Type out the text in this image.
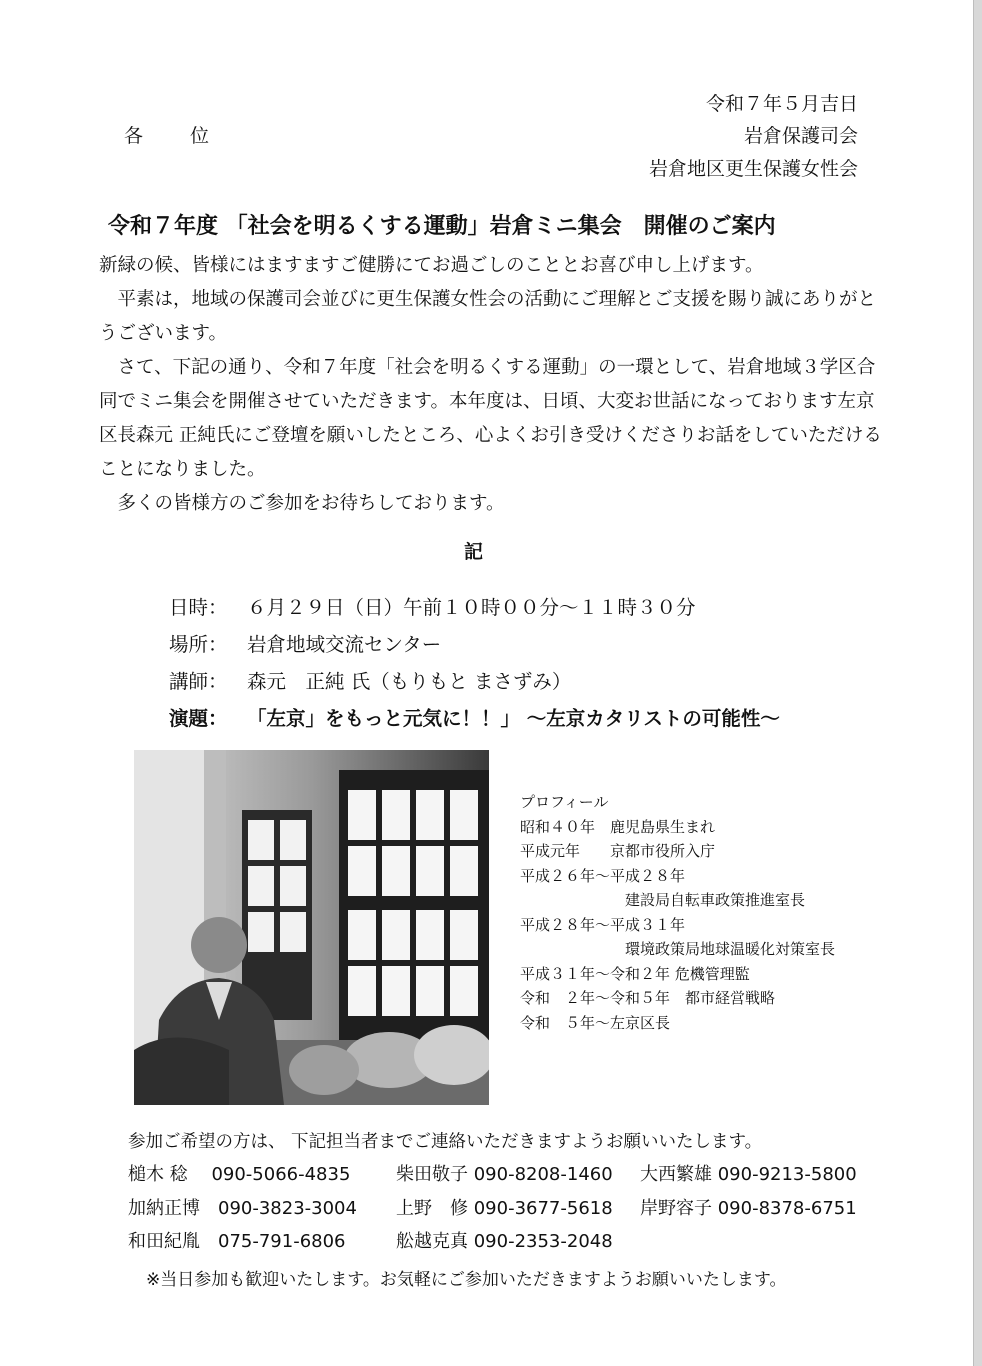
令和７年５月吉日
各　位	岩倉保護司会
岩倉地区更生保護女性会
令和７年度 「社会を明るくする運動」岩倉ミニ集会　開催のご案内

新緑の候、皆様にはますますご健勝にてお過ごしのこととお喜び申し上げます。

平素は，地域の保護司会並びに更生保護女性会の活動にご理解とご支援を賜り誠にありがとうございます。

さて、下記の通り、令和７年度「社会を明るくする運動」の一環として、岩倉地域３学区合同でミニ集会を開催させていただきます。本年度は、日頃、大変お世話になっております左京区長森元 正純氏にご登壇を願いしたところ、心よくお引き受けくださりお話をしていただけることになりました。

多くの皆様方のご参加をお待ちしております。

記
日時： ６月２９日（日）午前１０時００分～１１時３０分
場所： 岩倉地域交流センター
講師： 森元　正純 氏（もりもと まさずみ）
演題： 「左京」をもっと元気に！！」 ～左京カタリストの可能性～
プロフィール
昭和４０年　鹿児島県生まれ
平成元年　　京都市役所入庁
平成２６年～平成２８年
建設局自転車政策推進室長
平成２８年～平成３１年
環境政策局地球温暖化対策室長
平成３１年～令和２年 危機管理監
令和　２年～令和５年　都市経営戦略
令和　５年～左京区長
参加ご希望の方は、 下記担当者までご連絡いただきますようお願いいたします。
槌木 稔　 090-5066-4835	柴田敬子 090-8208-1460 大西繁雄 090-9213-5800
加納正博　090-3823-3004 上野　修 090-3677-5618 岸野容子 090-8378-6751
和田紀胤　075-791-6806	舩越克真 090-2353-2048
※当日参加も歓迎いたします。お気軽にご参加いただきますようお願いいたします。
